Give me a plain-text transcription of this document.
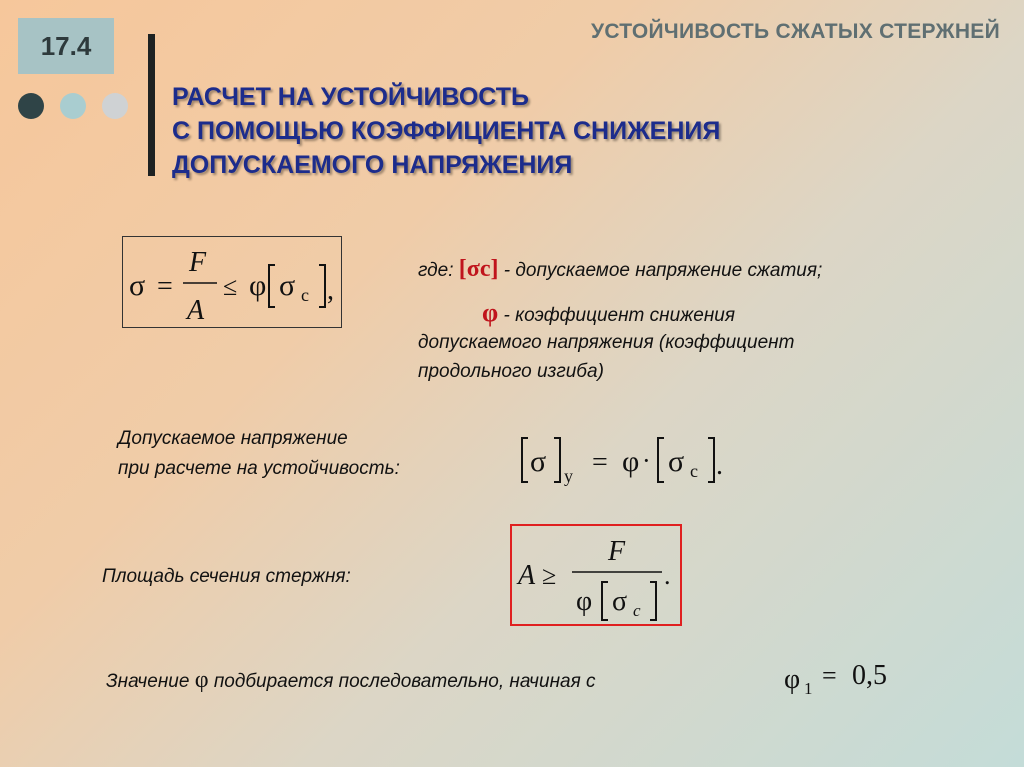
17.4	УСТОЙЧИВОСТЬ СЖАТЫХ СТЕРЖНЕЙ
РАСЧЕТ НА УСТОЙЧИВОСТЬ
С ПОМОЩЬЮ КОЭФФИЦИЕНТА СНИЖЕНИЯ
ДОПУСКАЕМОГО НАПРЯЖЕНИЯ
σ =
F
A
≤ φ σ c ,
где: [σc] - допускаемое напряжение сжатия;
φ - коэффициент снижения
допускаемого напряжения (коэффициент
продольного изгиба)
Допускаемое напряжение
при расчете на устойчивость:	σ у = φ · σ c .
Площадь сечения стержня:	A ≥
F
φ σ c
.
Значение φ подбирается последовательно, начиная с	φ 1 = 0,5
